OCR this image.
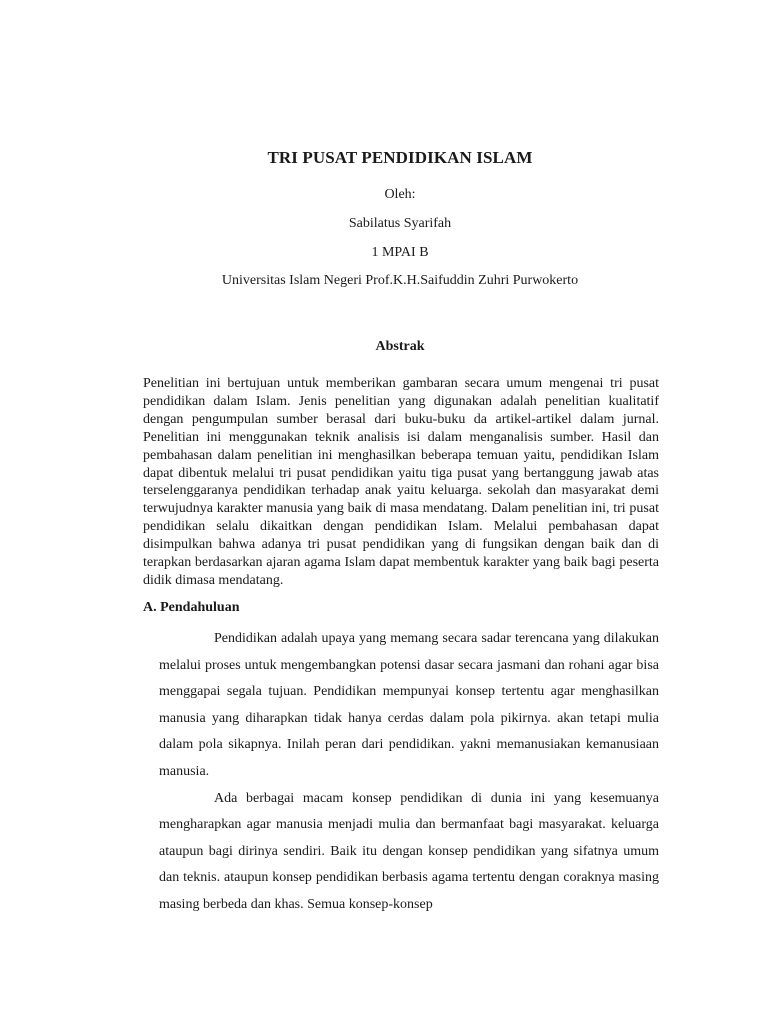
TRI PUSAT PENDIDIKAN ISLAM
Oleh:
Sabilatus Syarifah
1 MPAI B
Universitas Islam Negeri Prof.K.H.Saifuddin Zuhri Purwokerto
Abstrak

Penelitian ini bertujuan untuk memberikan gambaran secara umum mengenai tri pusat pendidikan dalam Islam. Jenis penelitian yang digunakan adalah penelitian kualitatif dengan pengumpulan sumber berasal dari buku-buku da artikel-artikel dalam jurnal. Penelitian ini menggunakan teknik analisis isi dalam menganalisis sumber. Hasil dan pembahasan dalam penelitian ini menghasilkan beberapa temuan yaitu, pendidikan Islam dapat dibentuk melalui tri pusat pendidikan yaitu tiga pusat yang bertanggung jawab atas terselenggaranya pendidikan terhadap anak yaitu keluarga. sekolah dan masyarakat demi terwujudnya karakter manusia yang baik di masa mendatang. Dalam penelitian ini, tri pusat pendidikan selalu dikaitkan dengan pendidikan Islam. Melalui pembahasan dapat disimpulkan bahwa adanya tri pusat pendidikan yang di fungsikan dengan baik dan di terapkan berdasarkan ajaran agama Islam dapat membentuk karakter yang baik bagi peserta didik dimasa mendatang.

A. Pendahuluan

Pendidikan adalah upaya yang memang secara sadar terencana yang dilakukan melalui proses untuk mengembangkan potensi dasar secara jasmani dan rohani agar bisa menggapai segala tujuan. Pendidikan mempunyai konsep tertentu agar menghasilkan manusia yang diharapkan tidak hanya cerdas dalam pola pikirnya. akan tetapi mulia dalam pola sikapnya. Inilah peran dari pendidikan. yakni memanusiakan kemanusiaan manusia.

Ada berbagai macam konsep pendidikan di dunia ini yang kesemuanya mengharapkan agar manusia menjadi mulia dan bermanfaat bagi masyarakat. keluarga ataupun bagi dirinya sendiri. Baik itu dengan konsep pendidikan yang sifatnya umum dan teknis. ataupun konsep pendidikan berbasis agama tertentu dengan coraknya masing masing berbeda dan khas. Semua konsep-konsep
